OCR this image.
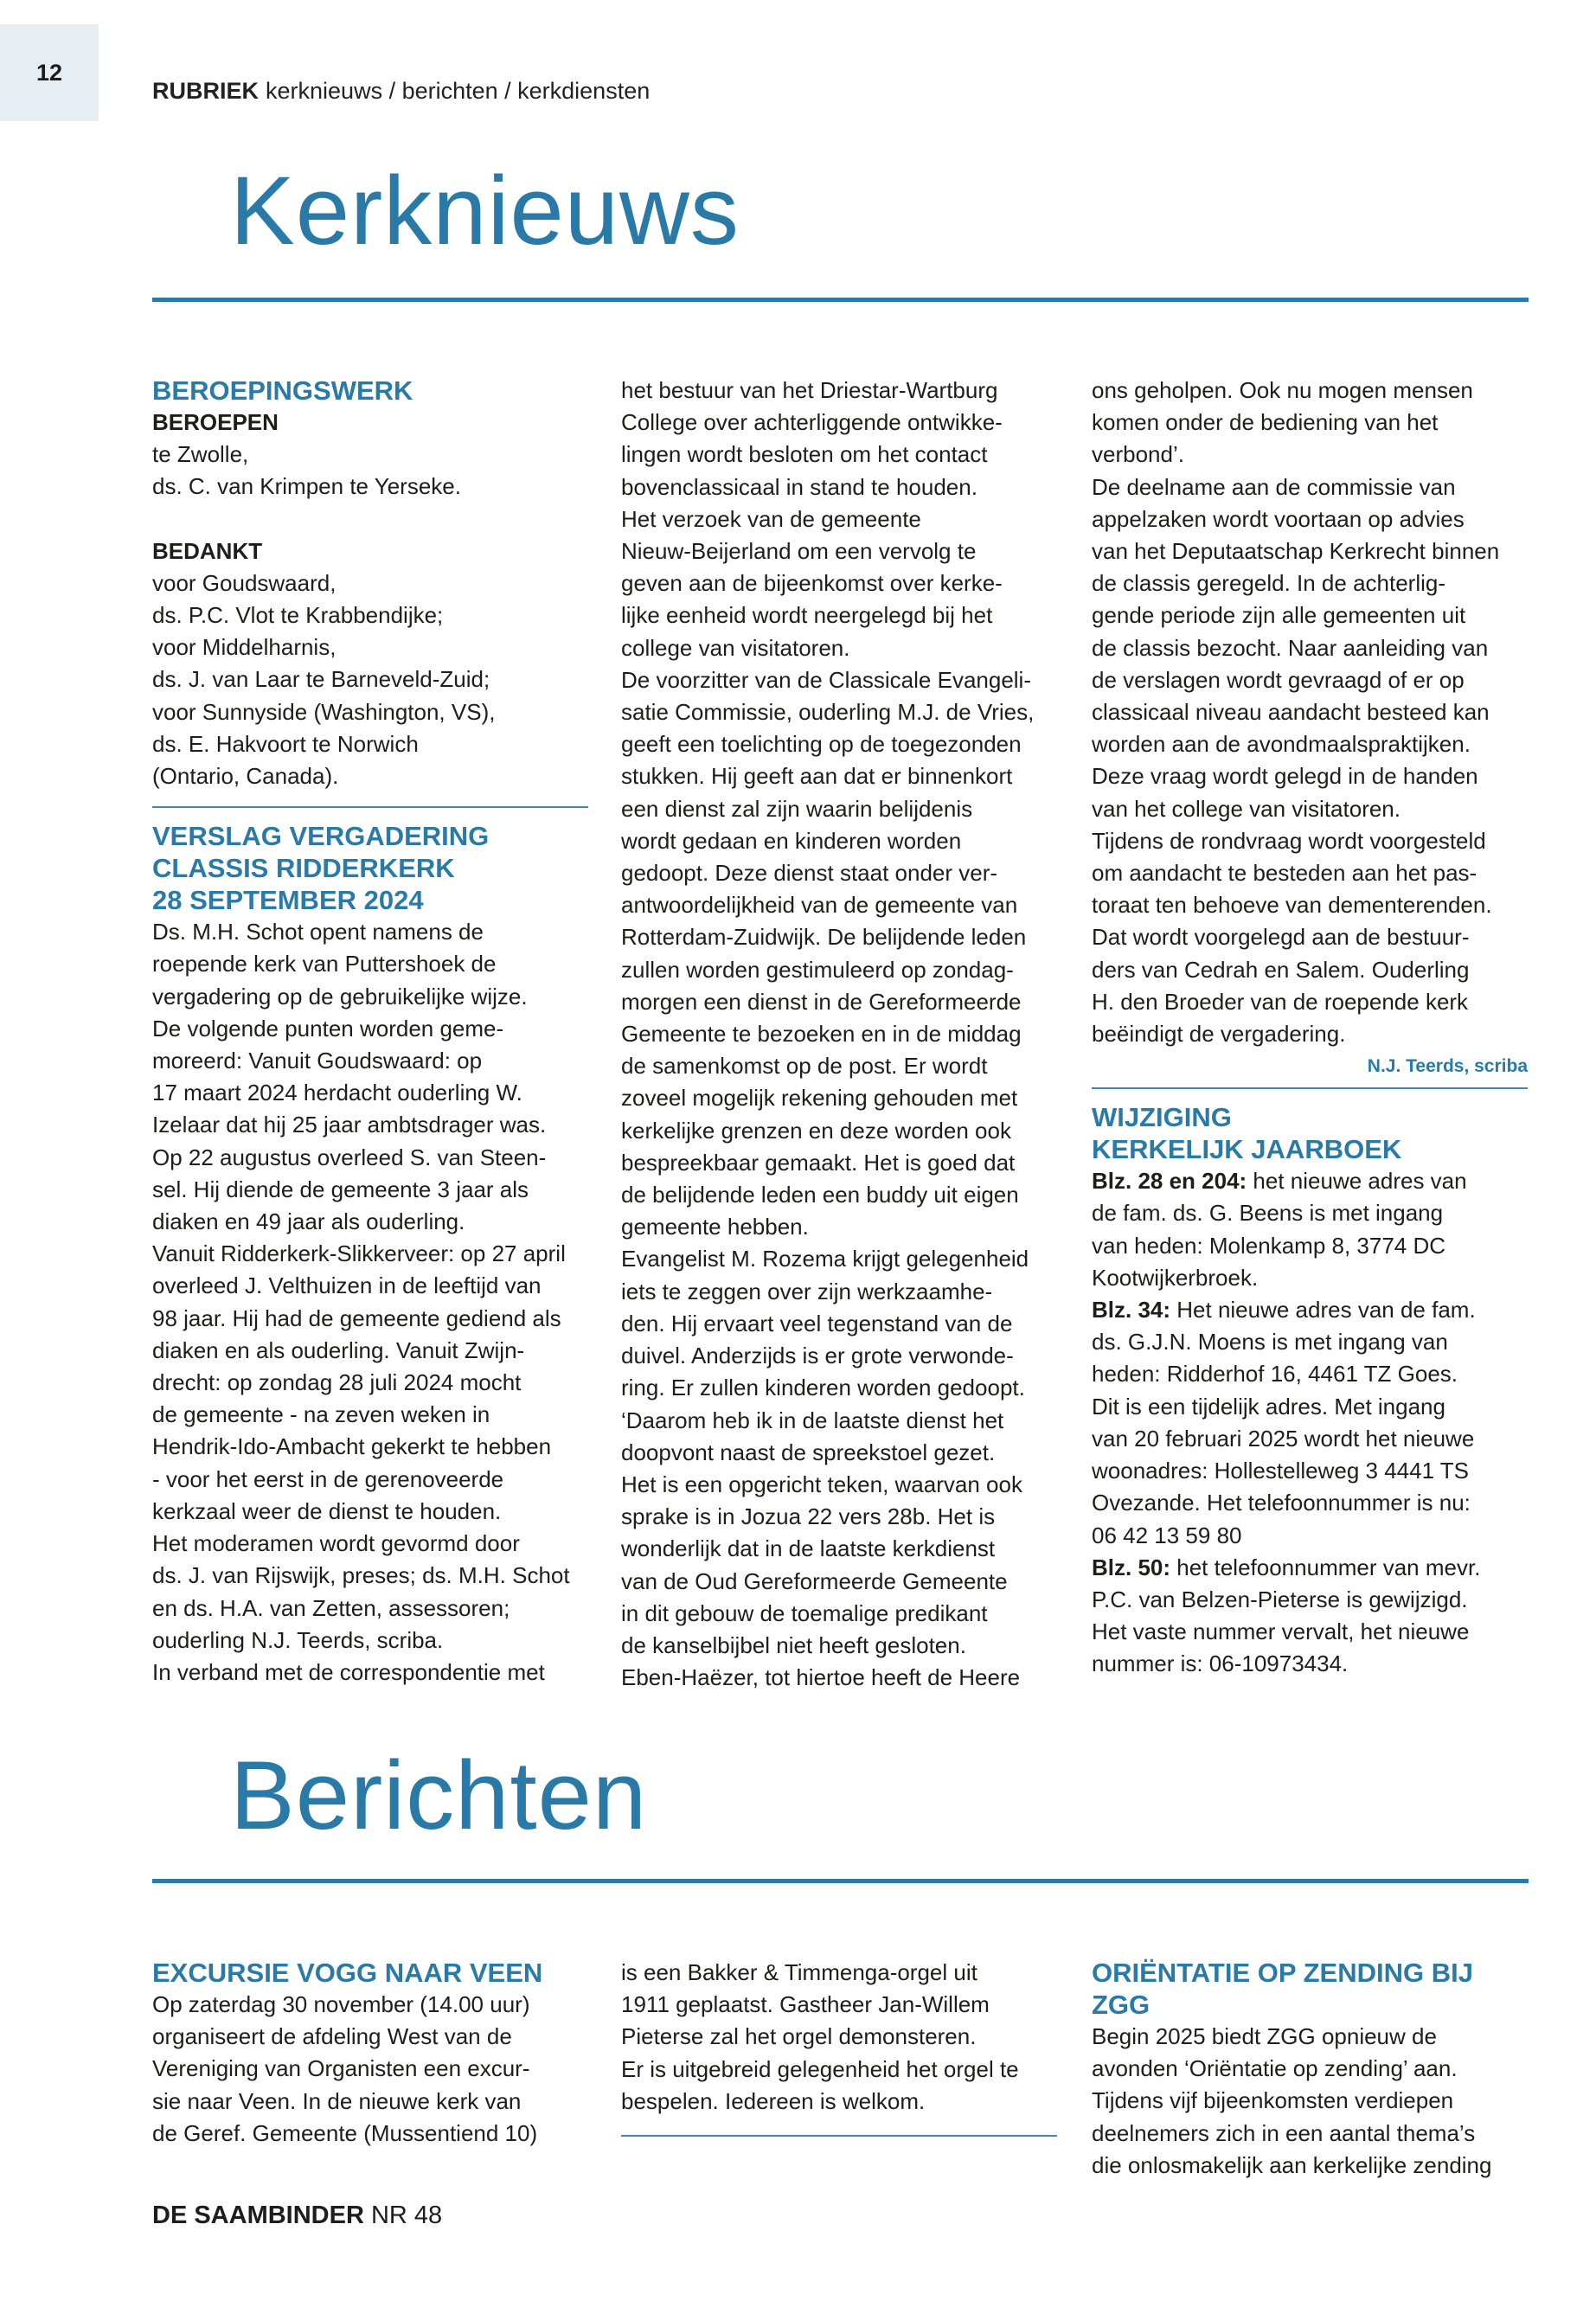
12
RUBRIEK kerknieuws / berichten / kerkdiensten
Kerknieuws

BEROEPINGSWERK

BEROEPEN

te Zwolle,
ds. C. van Krimpen te Yerseke.

BEDANKT

voor Goudswaard,
ds. P.C. Vlot te Krabbendijke;
voor Middelharnis,
ds. J. van Laar te Barneveld-Zuid;
voor Sunnyside (Washington, VS),
ds. E. Hakvoort te Norwich
(Ontario, Canada).
VERSLAG VERGADERING
CLASSIS RIDDERKERK
28 SEPTEMBER 2024
Ds. M.H. Schot opent namens de
roepende kerk van Puttershoek de
vergadering op de gebruikelijke wijze.
De volgende punten worden geme-
moreerd: Vanuit Goudswaard: op
17 maart 2024 herdacht ouderling W.
Izelaar dat hij 25 jaar ambtsdrager was.
Op 22 augustus overleed S. van Steen-
sel. Hij diende de gemeente 3 jaar als
diaken en 49 jaar als ouderling.
Vanuit Ridderkerk-Slikkerveer: op 27 april
overleed J. Velthuizen in de leeftijd van
98 jaar. Hij had de gemeente gediend als
diaken en als ouderling. Vanuit Zwijn-
drecht: op zondag 28 juli 2024 mocht
de gemeente - na zeven weken in
Hendrik-Ido-Ambacht gekerkt te hebben
- voor het eerst in de gerenoveerde
kerkzaal weer de dienst te houden.
Het moderamen wordt gevormd door
ds. J. van Rijswijk, preses; ds. M.H. Schot
en ds. H.A. van Zetten, assessoren;
ouderling N.J. Teerds, scriba.
In verband met de correspondentie met
het bestuur van het Driestar-Wartburg
College over achterliggende ontwikke-
lingen wordt besloten om het contact
bovenclassicaal in stand te houden.
Het verzoek van de gemeente
Nieuw-Beijerland om een vervolg te
geven aan de bijeenkomst over kerke-
lijke eenheid wordt neergelegd bij het
college van visitatoren.
De voorzitter van de Classicale Evangeli-
satie Commissie, ouderling M.J. de Vries,
geeft een toelichting op de toegezonden
stukken. Hij geeft aan dat er binnenkort
een dienst zal zijn waarin belijdenis
wordt gedaan en kinderen worden
gedoopt. Deze dienst staat onder ver-
antwoordelijkheid van de gemeente van
Rotterdam-Zuidwijk. De belijdende leden
zullen worden gestimuleerd op zondag-
morgen een dienst in de Gereformeerde
Gemeente te bezoeken en in de middag
de samenkomst op de post. Er wordt
zoveel mogelijk rekening gehouden met
kerkelijke grenzen en deze worden ook
bespreekbaar gemaakt. Het is goed dat
de belijdende leden een buddy uit eigen
gemeente hebben.
Evangelist M. Rozema krijgt gelegenheid
iets te zeggen over zijn werkzaamhe-
den. Hij ervaart veel tegenstand van de
duivel. Anderzijds is er grote verwonde-
ring. Er zullen kinderen worden gedoopt.
‘Daarom heb ik in de laatste dienst het
doopvont naast de spreekstoel gezet.
Het is een opgericht teken, waarvan ook
sprake is in Jozua 22 vers 28b. Het is
wonderlijk dat in de laatste kerkdienst
van de Oud Gereformeerde Gemeente
in dit gebouw de toemalige predikant
de kanselbijbel niet heeft gesloten.
Eben-Haëzer, tot hiertoe heeft de Heere
ons geholpen. Ook nu mogen mensen
komen onder de bediening van het
verbond’.
De deelname aan de commissie van
appelzaken wordt voortaan op advies
van het Deputaatschap Kerkrecht binnen
de classis geregeld. In de achterlig-
gende periode zijn alle gemeenten uit
de classis bezocht. Naar aanleiding van
de verslagen wordt gevraagd of er op
classicaal niveau aandacht besteed kan
worden aan de avondmaalspraktijken.
Deze vraag wordt gelegd in de handen
van het college van visitatoren.
Tijdens de rondvraag wordt voorgesteld
om aandacht te besteden aan het pas-
toraat ten behoeve van dementerenden.
Dat wordt voorgelegd aan de bestuur-
ders van Cedrah en Salem. Ouderling
H. den Broeder van de roepende kerk
beëindigt de vergadering.

N.J. Teerds, scriba

WIJZIGING
KERKELIJK JAARBOEK

Blz. 28 en 204: het nieuwe adres van

de fam. ds. G. Beens is met ingang
van heden: Molenkamp 8, 3774 DC
Kootwijkerbroek.

Blz. 34: Het nieuwe adres van de fam.

ds. G.J.N. Moens is met ingang van
heden: Ridderhof 16, 4461 TZ Goes.
Dit is een tijdelijk adres. Met ingang
van 20 februari 2025 wordt het nieuwe
woonadres: Hollestelleweg 3 4441 TS
Ovezande. Het telefoonnummer is nu:
06 42 13 59 80

Blz. 50: het telefoonnummer van mevr.

P.C. van Belzen-Pieterse is gewijzigd.
Het vaste nummer vervalt, het nieuwe
nummer is: 06-10973434.
Berichten

EXCURSIE VOGG NAAR VEEN

Op zaterdag 30 november (14.00 uur)
organiseert de afdeling West van de
Vereniging van Organisten een excur-
sie naar Veen. In de nieuwe kerk van
de Geref. Gemeente (Mussentiend 10)
is een Bakker & Timmenga-orgel uit
1911 geplaatst. Gastheer Jan-Willem
Pieterse zal het orgel demonsteren.
Er is uitgebreid gelegenheid het orgel te
bespelen. Iedereen is welkom.

ORIËNTATIE OP ZENDING BIJ ZGG

Begin 2025 biedt ZGG opnieuw de
avonden ‘Oriëntatie op zending’ aan.
Tijdens vijf bijeenkomsten verdiepen
deelnemers zich in een aantal thema’s
die onlosmakelijk aan kerkelijke zending
DE SAAMBINDER NR 48
